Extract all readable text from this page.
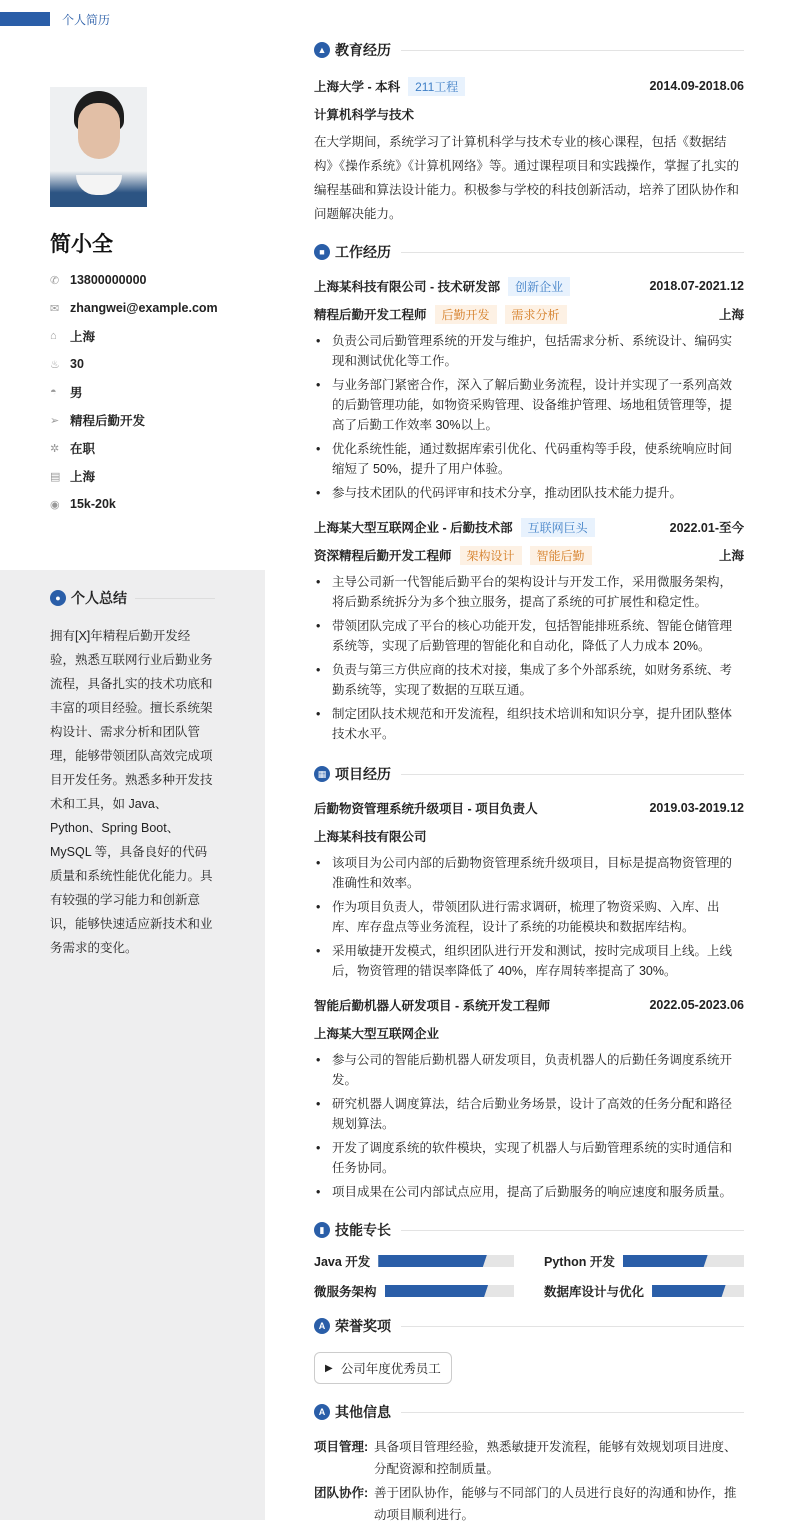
个人简历
简小全
✆ 13800000000
✉ zhangwei@example.com
⌂	上海
♨ 30
◓	男
➢ 精程后勤开发
✲ 在职
▤ 上海
◉ 15k-20k
● 个人总结
拥有[X]年精程后勤开发经验，熟悉互联网行业后勤业务流程，具备扎实的技术功底和丰富的项目经验。擅长系统架构设计、需求分析和团队管理，能够带领团队高效完成项目开发任务。熟悉多种开发技术和工具，如 Java、Python、Spring Boot、MySQL 等，具备良好的代码质量和系统性能优化能力。具有较强的学习能力和创新意识，能够快速适应新技术和业务需求的变化。
▲ 教育经历
上海大学 - 本科	211工程	2014.09-2018.06
计算机科学与技术
在大学期间，系统学习了计算机科学与技术专业的核心课程，包括《数据结构》《操作系统》《计算机网络》等。通过课程项目和实践操作，掌握了扎实的编程基础和算法设计能力。积极参与学校的科技创新活动，培养了团队协作和问题解决能力。
■ 工作经历
上海某科技有限公司 - 技术研发部	创新企业	2018.07-2021.12
精程后勤开发工程师	后勤开发	需求分析	上海
• 负责公司后勤管理系统的开发与维护，包括需求分析、系统设计、编码实现和测试优化等工作。
• 与业务部门紧密合作，深入了解后勤业务流程，设计并实现了一系列高效的后勤管理功能，如物资采购管理、设备维护管理、场地租赁管理等，提高了后勤工作效率 30%以上。
• 优化系统性能，通过数据库索引优化、代码重构等手段，使系统响应时间缩短了 50%，提升了用户体验。
• 参与技术团队的代码评审和技术分享，推动团队技术能力提升。
上海某大型互联网企业 - 后勤技术部	互联网巨头	2022.01-至今
资深精程后勤开发工程师	架构设计	智能后勤	上海
• 主导公司新一代智能后勤平台的架构设计与开发工作，采用微服务架构，将后勤系统拆分为多个独立服务，提高了系统的可扩展性和稳定性。
• 带领团队完成了平台的核心功能开发，包括智能排班系统、智能仓储管理系统等，实现了后勤管理的智能化和自动化，降低了人力成本 20%。
• 负责与第三方供应商的技术对接，集成了多个外部系统，如财务系统、考勤系统等，实现了数据的互联互通。
• 制定团队技术规范和开发流程，组织技术培训和知识分享，提升团队整体技术水平。
▦ 项目经历
后勤物资管理系统升级项目 - 项目负责人	2019.03-2019.12
上海某科技有限公司
• 该项目为公司内部的后勤物资管理系统升级项目，目标是提高物资管理的准确性和效率。
• 作为项目负责人，带领团队进行需求调研，梳理了物资采购、入库、出库、库存盘点等业务流程，设计了系统的功能模块和数据库结构。
• 采用敏捷开发模式，组织团队进行开发和测试，按时完成项目上线。上线后，物资管理的错误率降低了 40%，库存周转率提高了 30%。
智能后勤机器人研发项目 - 系统开发工程师	2022.05-2023.06
上海某大型互联网企业
• 参与公司的智能后勤机器人研发项目，负责机器人的后勤任务调度系统开发。
• 研究机器人调度算法，结合后勤业务场景，设计了高效的任务分配和路径规划算法。
• 开发了调度系统的软件模块，实现了机器人与后勤管理系统的实时通信和任务协同。
• 项目成果在公司内部试点应用，提高了后勤服务的响应速度和服务质量。
▮ 技能专长
Java 开发	Python 开发
微服务架构	数据库设计与优化
A 荣誉奖项
▶ 公司年度优秀员工
A 其他信息
项目管理: 具备项目管理经验，熟悉敏捷开发流程，能够有效规划项目进度、分配资源和控制质量。
团队协作: 善于团队协作，能够与不同部门的人员进行良好的沟通和协作，推动项目顺利进行。
